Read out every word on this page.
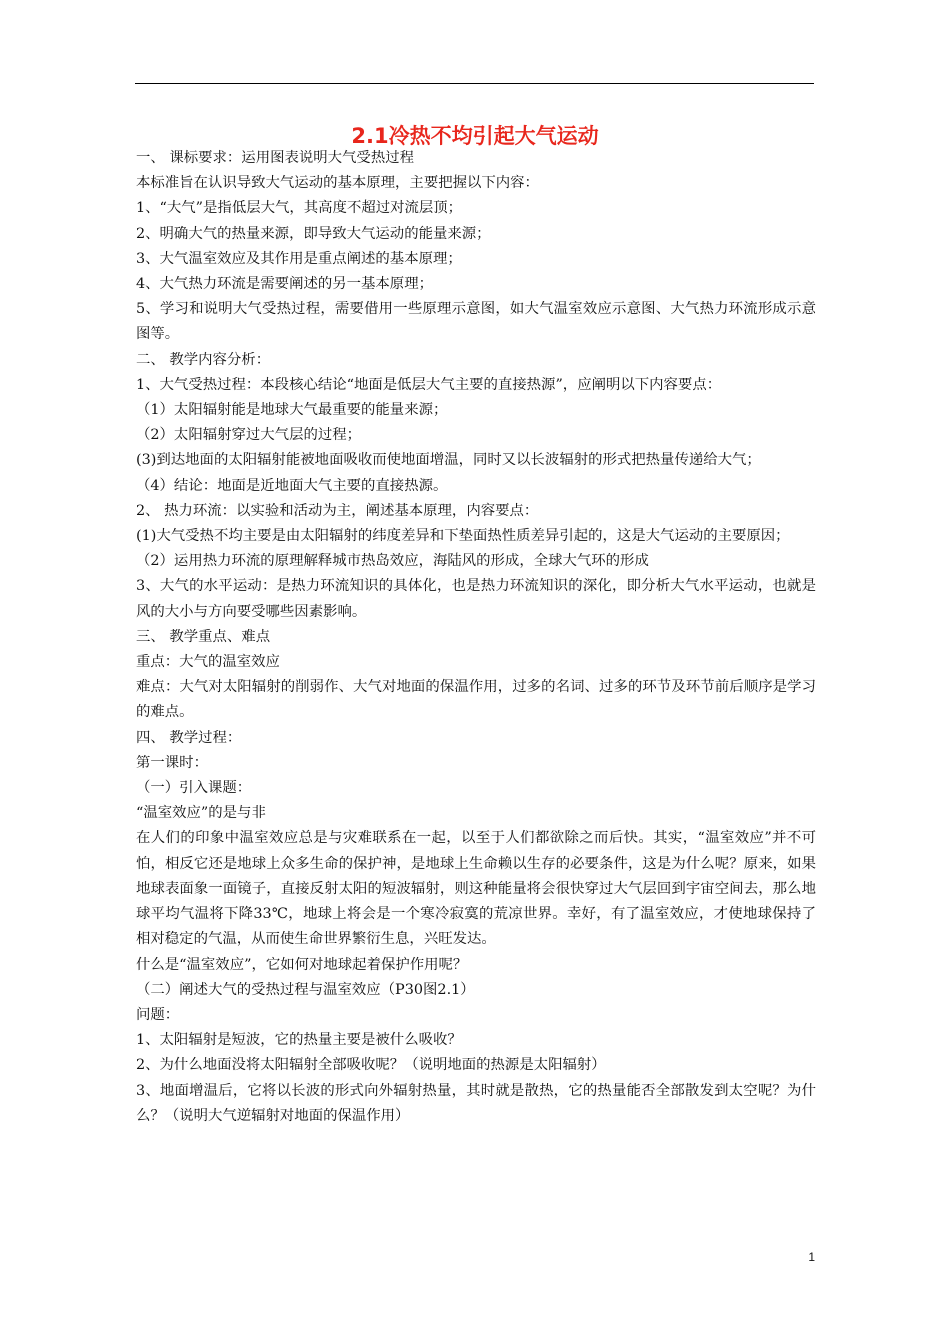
2.1冷热不均引起大气运动

一、 课标要求：运用图表说明大气受热过程

本标准旨在认识导致大气运动的基本原理，主要把握以下内容：

1、“大气”是指低层大气，其高度不超过对流层顶；

2、明确大气的热量来源，即导致大气运动的能量来源；

3、大气温室效应及其作用是重点阐述的基本原理；

4、大气热力环流是需要阐述的另一基本原理；

5、学习和说明大气受热过程，需要借用一些原理示意图，如大气温室效应示意图、大气热力环流形成示意图等。

二、 教学内容分析：

1、大气受热过程：本段核心结论“地面是低层大气主要的直接热源”，应阐明以下内容要点：

（1）太阳辐射能是地球大气最重要的能量来源；

（2）太阳辐射穿过大气层的过程；

(3)到达地面的太阳辐射能被地面吸收而使地面增温，同时又以长波辐射的形式把热量传递给大气；

（4）结论：地面是近地面大气主要的直接热源。

2、 热力环流：以实验和活动为主，阐述基本原理，内容要点：

(1)大气受热不均主要是由太阳辐射的纬度差异和下垫面热性质差异引起的，这是大气运动的主要原因；

（2）运用热力环流的原理解释城市热岛效应，海陆风的形成，全球大气环的形成

3、大气的水平运动：是热力环流知识的具体化，也是热力环流知识的深化，即分析大气水平运动，也就是风的大小与方向要受哪些因素影响。

三、 教学重点、难点

重点：大气的温室效应

难点：大气对太阳辐射的削弱作、大气对地面的保温作用，过多的名词、过多的环节及环节前后顺序是学习的难点。

四、 教学过程：

第一课时：

（一）引入课题：

“温室效应”的是与非

在人们的印象中温室效应总是与灾难联系在一起，以至于人们都欲除之而后快。其实，“温室效应”并不可怕，相反它还是地球上众多生命的保护神，是地球上生命赖以生存的必要条件，这是为什么呢？原来，如果地球表面象一面镜子，直接反射太阳的短波辐射，则这种能量将会很快穿过大气层回到宇宙空间去，那么地球平均气温将下降33℃，地球上将会是一个寒冷寂寞的荒凉世界。幸好，有了温室效应，才使地球保持了相对稳定的气温，从而使生命世界繁衍生息，兴旺发达。

什么是“温室效应”，它如何对地球起着保护作用呢？

（二）阐述大气的受热过程与温室效应（P30图2.1）

问题：

1、太阳辐射是短波，它的热量主要是被什么吸收？

2、为什么地面没将太阳辐射全部吸收呢？（说明地面的热源是太阳辐射）

3、地面增温后，它将以长波的形式向外辐射热量，其时就是散热，它的热量能否全部散发到太空呢？为什么？（说明大气逆辐射对地面的保温作用）

1
